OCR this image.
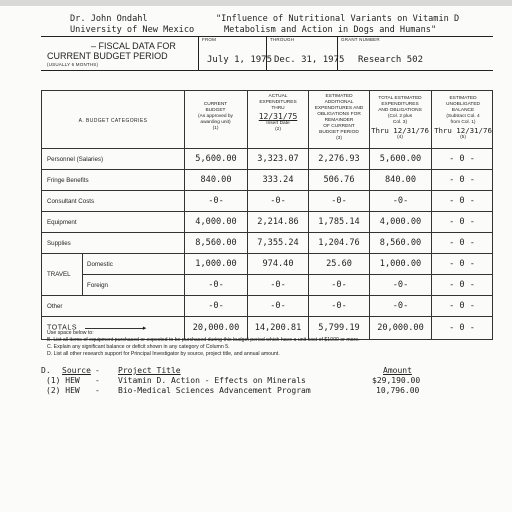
Dr. John Ondahl
University of New Mexico
"Influence of Nutritional Variants on Vitamin D
Metabolism and Action in Dogs and Humans"
– FISCAL DATA FOR
CURRENT BUDGET PERIOD
(USUALLY 6 MONTHS)
FROM	THROUGH	GRANT NUMBER
July 1, 1975 Dec. 31, 1975 Research 502
A. BUDGET CATEGORIES						
Personnel (Salaries)		5,600.00	3,323.07	2,276.93	5,600.00	- 0 -
Fringe Benefits		840.00	333.24	506.76	840.00	- 0 -
Consultant Costs		-0-	-0-	-0-	-0-	- 0 -
Equipment		4,000.00	2,214.86	1,785.14	4,000.00	- 0 -
Supplies		8,560.00	7,355.24	1,204.76	8,560.00	- 0 -
TRAVEL	Domestic	1,000.00	974.40	25.60	1,000.00	- 0 -
	Foreign	-0-	-0-	-0-	-0-	- 0 -
Other		-0-	-0-	-0-	-0-	- 0 -
TOTALS ▸		20,000.00	14,200.81	5,799.19	20,000.00	- 0 -
CURRENT
BUDGET
(As approved by
awarding unit)
(1)
ACTUAL
EXPENDITURES
THRU
12/31/75
Insert Date
(2)
ESTIMATED
ADDITIONAL
EXPENDITURES AND
OBLIGATIONS FOR
REMAINDER
OF CURRENT
BUDGET PERIOD
(3)
TOTAL ESTIMATED
EXPENDITURES
AND OBLIGATIONS
(Col. 2 plus
Col. 3)
Thru 12/31/76
(4)
ESTIMATED
UNOBLIGATED
BALANCE
(Subtract Col. 4
from Col. 1)
Thru 12/31/76
(5)
Use space below to:
B. List all items of equipment purchased or expected to be purchased during this budget period which have a unit cost of $1000 or more.
C. Explain any significant balance or deficit shown in any category of Column 5.
D. List all other research support for Principal Investigator by source, project title, and annual amount.
D. Source - Project Title	Amount
(1) HEW - Vitamin D. Action - Effects on Minerals	$29,190.00
(2) HEW - Bio-Medical Sciences Advancement Program	10,796.00
